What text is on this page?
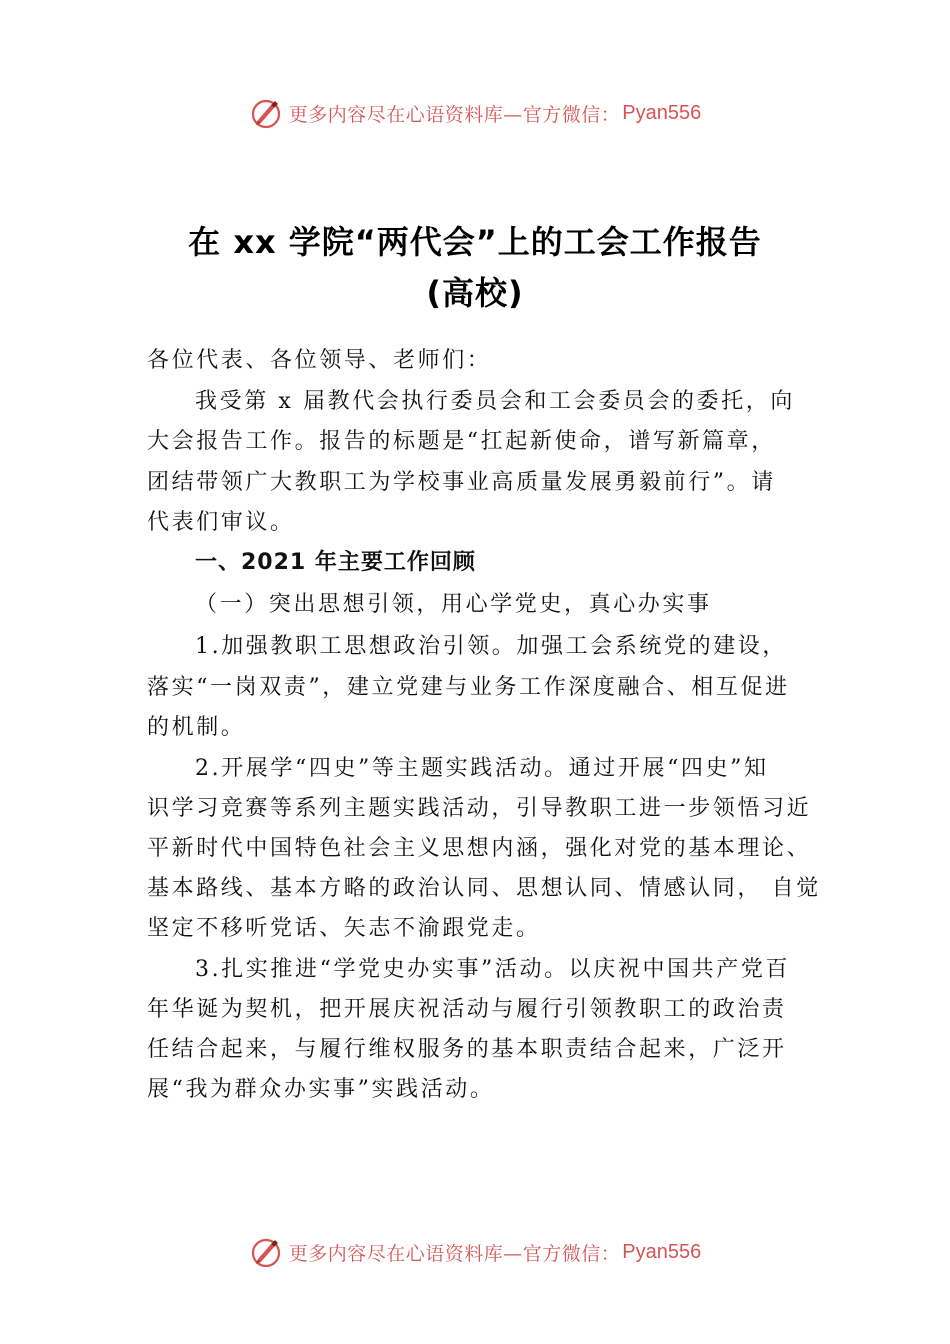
更多内容尽在心语资料库—官方微信： Pyan556
在 xx 学院“两代会”上的工会工作报告
(高校)
各位代表、各位领导、老师们：
我受第 x 届教代会执行委员会和工会委员会的委托，向
大会报告工作。报告的标题是“扛起新使命，谱写新篇章，
团结带领广大教职工为学校事业高质量发展勇毅前行”。请
代表们审议。
一、2021 年主要工作回顾
（一）突出思想引领，用心学党史，真心办实事
1.加强教职工思想政治引领。加强工会系统党的建设，
落实“一岗双责”，建立党建与业务工作深度融合、相互促进
的机制。
2.开展学“四史”等主题实践活动。通过开展“四史”知
识学习竞赛等系列主题实践活动，引导教职工进一步领悟习近
平新时代中国特色社会主义思想内涵，强化对党的基本理论、
基本路线、基本方略的政治认同、思想认同、情感认同， 自觉
坚定不移听党话、矢志不渝跟党走。
3.扎实推进“学党史办实事”活动。以庆祝中国共产党百
年华诞为契机，把开展庆祝活动与履行引领教职工的政治责
任结合起来，与履行维权服务的基本职责结合起来，广泛开
展“我为群众办实事”实践活动。
更多内容尽在心语资料库—官方微信： Pyan556
